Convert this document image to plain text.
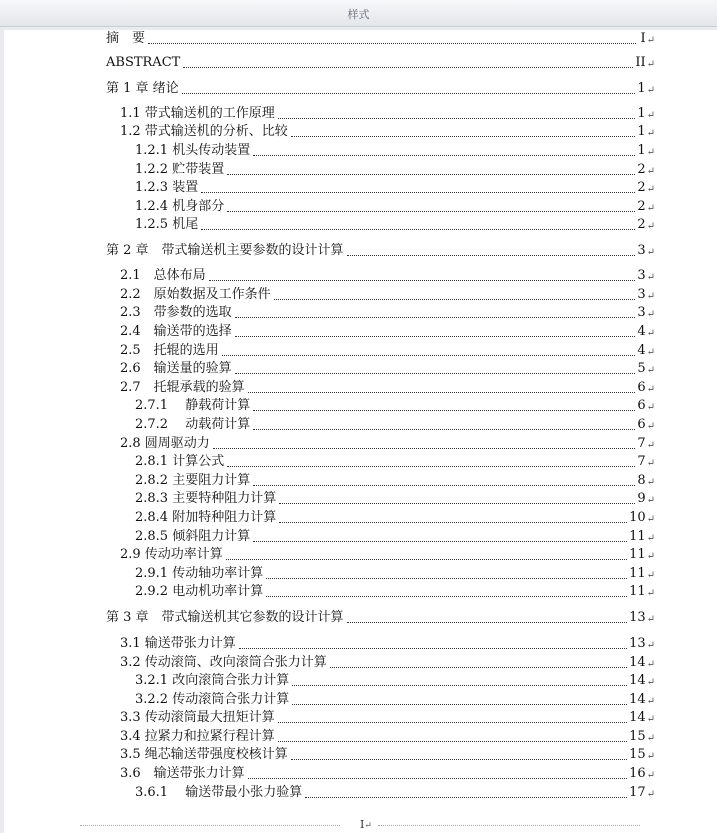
样式
摘　要	I ↵
ABSTRACT	II ↵
第 1 章 绪论	1 ↵
1.1 带式输送机的工作原理	1 ↵
1.2 带式输送机的分析、比较	1 ↵
1.2.1 机头传动装置	1 ↵
1.2.2 贮带装置	2 ↵
1.2.3 装置	2 ↵
1.2.4 机身部分	2 ↵
1.2.5 机尾	2 ↵
第 2 章　带式输送机主要参数的设计计算	3 ↵
2.1　总体布局	3 ↵
2.2　原始数据及工作条件	3 ↵
2.3　带参数的选取	3 ↵
2.4　输送带的选择	4 ↵
2.5　托辊的选用	4 ↵
2.6　输送量的验算	5 ↵
2.7　托辊承载的验算	6 ↵
2.7.1　 静载荷计算	6 ↵
2.7.2　 动载荷计算	6 ↵
2.8 圆周驱动力	7 ↵
2.8.1 计算公式	7 ↵
2.8.2 主要阻力计算	8 ↵
2.8.3 主要特种阻力计算	9 ↵
2.8.4 附加特种阻力计算	10 ↵
2.8.5 倾斜阻力计算	11 ↵
2.9 传动功率计算	11 ↵
2.9.1 传动轴功率计算	11 ↵
2.9.2 电动机功率计算	11 ↵
第 3 章　带式输送机其它参数的设计计算	13 ↵
3.1 输送带张力计算	13 ↵
3.2 传动滚筒、改向滚筒合张力计算	14 ↵
3.2.1 改向滚筒合张力计算	14 ↵
3.2.2 传动滚筒合张力计算	14 ↵
3.3 传动滚筒最大扭矩计算	14 ↵
3.4 拉紧力和拉紧行程计算	15 ↵
3.5 绳芯输送带强度校核计算	15 ↵
3.6　输送带张力计算	16 ↵
3.6.1　 输送带最小张力验算	17 ↵
I↵
